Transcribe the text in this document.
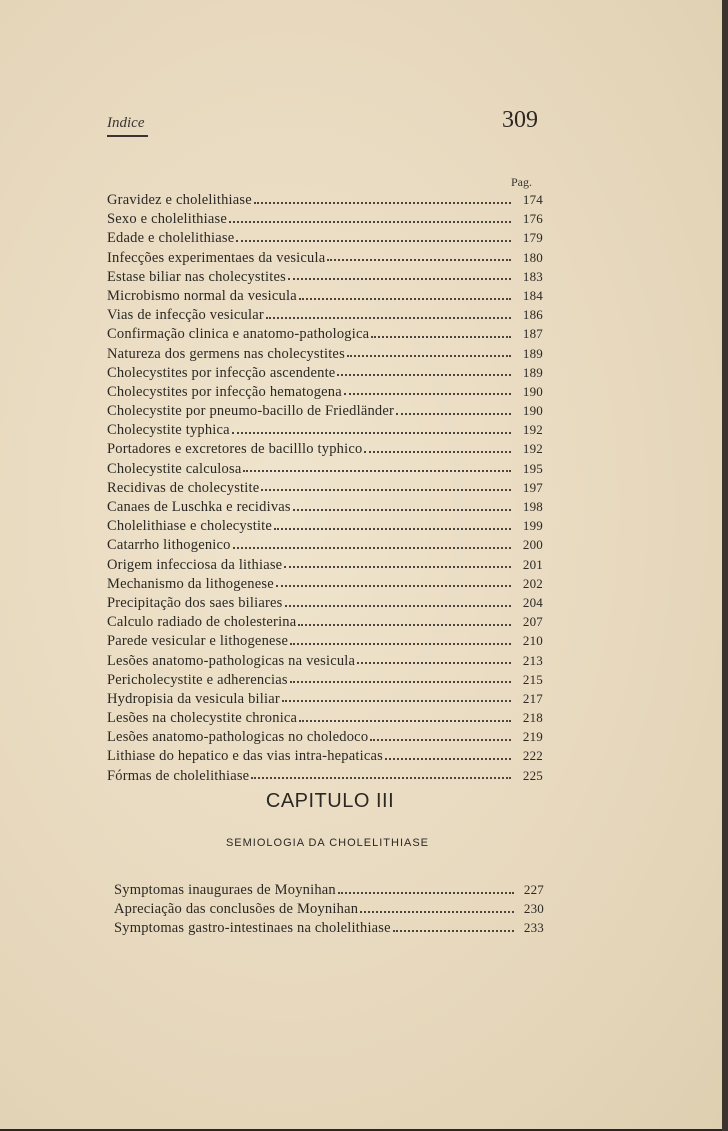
Indice	309
Pag.
Gravidez e cholelithiase	174
Sexo e cholelithiase	176
Edade e cholelithiase	179
Infecções experimentaes da vesicula	180
Estase biliar nas cholecystites	183
Microbismo normal da vesicula	184
Vias de infecção vesicular	186
Confirmação clinica e anatomo-pathologica	187
Natureza dos germens nas cholecystites	189
Cholecystites por infecção ascendente	189
Cholecystites por infecção hematogena	190
Cholecystite por pneumo-bacillo de Friedländer	190
Cholecystite typhica	192
Portadores e excretores de bacilllo typhico	192
Cholecystite calculosa	195
Recidivas de cholecystite	197
Canaes de Luschka e recidivas	198
Cholelithiase e cholecystite	199
Catarrho lithogenico	200
Origem infecciosa da lithiase	201
Mechanismo da lithogenese	202
Precipitação dos saes biliares	204
Calculo radiado de cholesterina	207
Parede vesicular e lithogenese	210
Lesões anatomo-pathologicas na vesicula	213
Pericholecystite e adherencias	215
Hydropisia da vesicula biliar	217
Lesões na cholecystite chronica	218
Lesões anatomo-pathologicas no choledoco	219
Lithiase do hepatico e das vias intra-hepaticas	222
Fórmas de cholelithiase	225
CAPITULO III
SEMIOLOGIA DA CHOLELITHIASE
Symptomas inauguraes de Moynihan	227
Apreciação das conclusões de Moynihan	230
Symptomas gastro-intestinaes na cholelithiase	233
